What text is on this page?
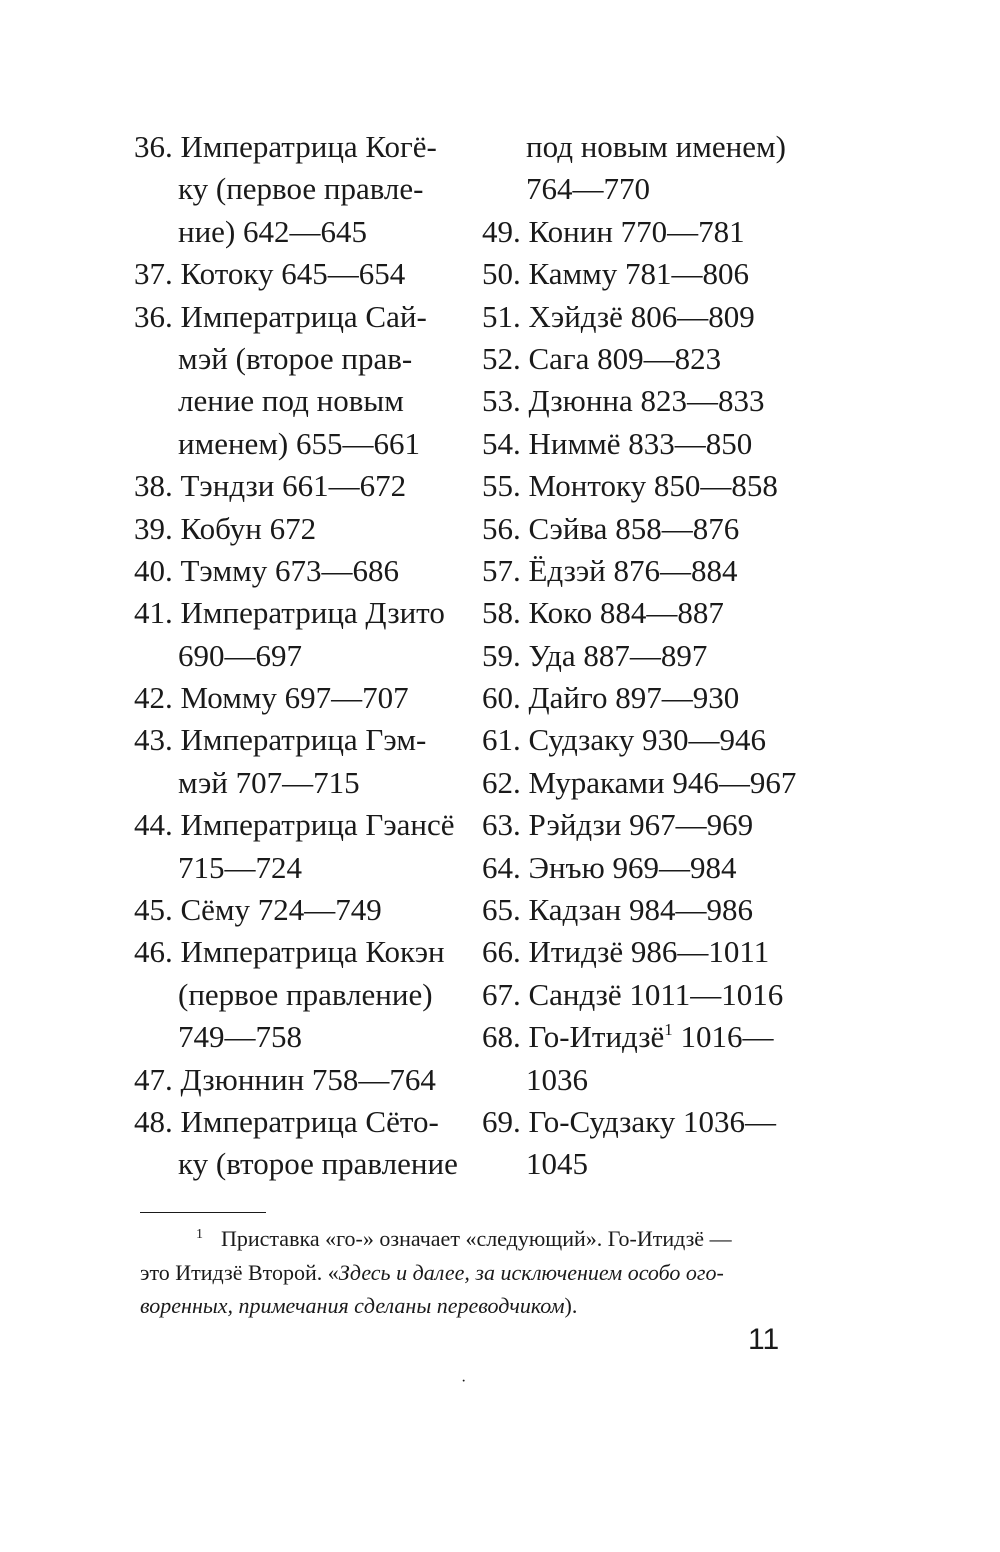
36. Императрица Когё-
ку (первое правле-
ние) 642—645
37. Котоку 645—654
36. Императрица Сай-
мэй (второе прав-
ление под новым
именем) 655—661
38. Тэндзи 661—672
39. Кобун 672
40. Тэмму 673—686
41. Императрица Дзито
690—697
42. Момму 697—707
43. Императрица Гэм-
мэй 707—715
44. Императрица Гэансё
715—724
45. Сёму 724—749
46. Императрица Кокэн
(первое правление)
749—758
47. Дзюннин 758—764
48. Императрица Сёто-
ку (второе правление
под новым именем)
764—770
49. Конин 770—781
50. Камму 781—806
51. Хэйдзё 806—809
52. Сага 809—823
53. Дзюнна 823—833
54. Ниммё 833—850
55. Монтоку 850—858
56. Сэйва 858—876
57. Ёдзэй 876—884
58. Коко 884—887
59. Уда 887—897
60. Дайго 897—930
61. Судзаку 930—946
62. Мураками 946—967
63. Рэйдзи 967—969
64. Энъю 969—984
65. Кадзан 984—986
66. Итидзё 986—1011
67. Сандзё 1011—1016
68. Го-Итидзё$^1$ 1016—
1036
69. Го-Судзаку 1036—
1045
$^1$ Приставка «го-» означает «следующий». Го-Итидзё —
это Итидзё Второй. «Здесь и далее, за исключением особо ого-
воренных, примечания сделаны переводчиком).
·
11
